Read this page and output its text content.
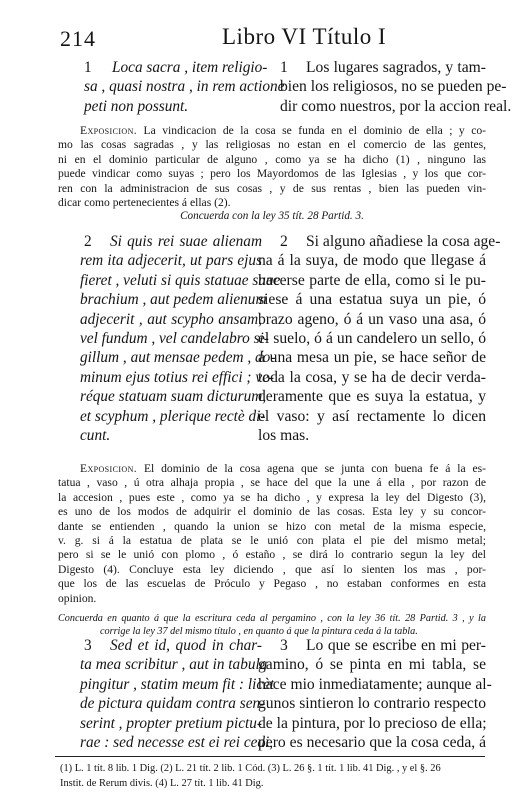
214	Libro VI Título I
1 Loca sacra , item religio-
sa , quasi nostra , in rem actione
peti non possunt.
1 Los lugares sagrados, y tam-
bien los religiosos, no se pueden pe-
dir como nuestros, por la accion real.
Exposicion. La vindicacion de la cosa se funda en el dominio de ella ; y co-
mo las cosas sagradas , y las religiosas no estan en el comercio de las gentes,
ni en el dominio particular de alguno , como ya se ha dicho (1) , ninguno las
puede vindicar como suyas ; pero los Mayordomos de las Iglesias , y los que cor-
ren con la administracion de sus cosas , y de sus rentas , bien las pueden vin-
dicar como pertenecientes á ellas (2).
Concuerda con la ley 35 tít. 28 Partid. 3.
2 Si quis rei suae alienam
rem ita adjecerit, ut pars ejus
fieret , veluti si quis statuae suae
brachium , aut pedem alienum
adjecerit , aut scypho ansam,
vel fundum , vel candelabro si-
gillum , aut mensae pedem , do-
minum ejus totius rei effici ; ve-
réque statuam suam dicturum,
et scyphum , plerique rectè di-
cunt.
2 Si alguno añadiese la cosa age-
na á la suya, de modo que llegase á
hacerse parte de ella, como si le pu-
siese á una estatua suya un pie, ó
brazo ageno, ó á un vaso una asa, ó
el suelo, ó á un candelero un sello, ó
á una mesa un pie, se hace señor de
toda la cosa, y se ha de decir verda-
deramente que es suya la estatua, y
el vaso: y así rectamente lo dicen
los mas.
Exposicion. El dominio de la cosa agena que se junta con buena fe á la es-
tatua , vaso , ú otra alhaja propia , se hace del que la une á ella , por razon de
la accesion , pues este , como ya se ha dicho , y expresa la ley del Digesto (3),
es uno de los modos de adquirir el dominio de las cosas. Esta ley y su concor-
dante se entienden , quando la union se hizo con metal de la misma especie,
v. g. si á la estatua de plata se le unió con plata el pie del mismo metal;
pero si se le unió con plomo , ó estaño , se dirá lo contrario segun la ley del
Digesto (4). Concluye esta ley diciendo , que así lo sienten los mas , por-
que los de las escuelas de Próculo y Pegaso , no estaban conformes en esta
opinion.
Concuerda en quanto á que la escritura ceda al pergamino , con la ley 36 tít. 28 Partid. 3 , y la
corrige la ley 37 del mismo título , en quanto á que la pintura ceda á la tabla.
3 Sed et id, quod in char-
ta mea scribitur , aut in tabula
pingitur , statim meum fit : licèt
de pictura quidam contra sen-
serint , propter pretium pictu-
rae : sed necesse est ei rei cedi,
3 Lo que se escribe en mi per-
gamino, ó se pinta en mi tabla, se
hace mio inmediatamente; aunque al-
gunos sintieron lo contrario respecto
de la pintura, por lo precioso de ella;
pero es necesario que la cosa ceda, á
(1) L. 1 tít. 8 lib. 1 Dig. (2) L. 21 tít. 2 lib. 1 Cód. (3) L. 26 §. 1 tít. 1 lib. 41 Dig. , y el §. 26
Instit. de Rerum divis. (4) L. 27 tít. 1 lib. 41 Dig.
